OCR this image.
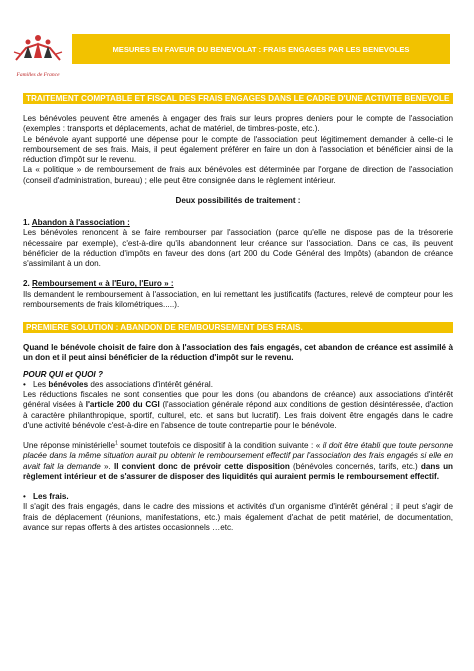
Familles de France
MESURES EN FAVEUR DU BENEVOLAT : FRAIS ENGAGES PAR LES BENEVOLES
TRAITEMENT COMPTABLE ET FISCAL DES FRAIS ENGAGES DANS LE CADRE D'UNE ACTIVITE BENEVOLE

Les bénévoles peuvent être amenés à engager des frais sur leurs propres deniers pour le compte de l'association (exemples : transports et déplacements, achat de matériel, de timbres-poste, etc.).

Le bénévole ayant supporté une dépense pour le compte de l'association peut légitimement demander à celle-ci le remboursement de ses frais. Mais, il peut également préférer en faire un don à l'association et bénéficier ainsi de la réduction d'impôt sur le revenu.

La « politique » de remboursement de frais aux bénévoles est déterminée par l'organe de direction de l'association (conseil d'administration, bureau) ; elle peut être consignée dans le règlement intérieur.

Deux possibilités de traitement :

1. Abandon à l'association :

Les bénévoles renoncent à se faire rembourser par l'association (parce qu'elle ne dispose pas de la trésorerie nécessaire par exemple), c'est-à-dire qu'ils abandonnent leur créance sur l'association. Dans ce cas, ils peuvent bénéficier de la réduction d'impôts en faveur des dons (art 200 du Code Général des Impôts) (abandon de créance s'assimilant à un don.

2. Remboursement « à l'Euro, l'Euro » :

Ils demandent le remboursement à l'association, en lui remettant les justificatifs (factures, relevé de compteur pour les remboursements de frais kilométriques.....).

PREMIERE SOLUTION : ABANDON DE REMBOURSEMENT DES FRAIS.

Quand le bénévole choisit de faire don à l'association des fais engagés, cet abandon de créance est assimilé à un don et il peut ainsi bénéficier de la réduction d'impôt sur le revenu.

POUR QUI et QUOI ?

• Les bénévoles des associations d'intérêt général.

Les réductions fiscales ne sont consenties que pour les dons (ou abandons de créance) aux associations d'intérêt général visées à l'article 200 du CGI (l'association générale répond aux conditions de gestion désintéressée, d'action à caractère philanthropique, sportif, culturel, etc. et sans but lucratif). Les frais doivent être engagés dans le cadre d'une activité bénévole c'est-à-dire en l'absence de toute contrepartie pour le bénévole.

Une réponse ministérielle$^1$ soumet toutefois ce dispositif à la condition suivante : « il doit être établi que toute personne placée dans la même situation aurait pu obtenir le remboursement effectif par l'association des frais engagés si elle en avait fait la demande ». Il convient donc de prévoir cette disposition (bénévoles concernés, tarifs, etc.) dans un règlement intérieur et de s'assurer de disposer des liquidités qui auraient permis le remboursement effectif.

• Les frais.

Il s'agit des frais engagés, dans le cadre des missions et activités d'un organisme d'intérêt général ; il peut s'agir de frais de déplacement (réunions, manifestations, etc.) mais également d'achat de petit matériel, de documentation, avance sur repas offerts à des artistes occasionnels …etc.
